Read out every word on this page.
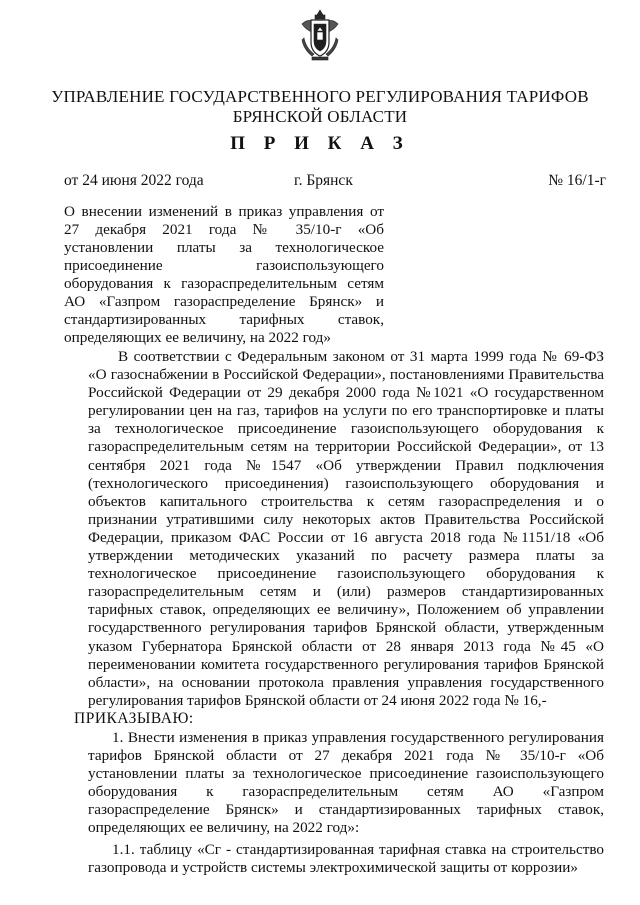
УПРАВЛЕНИЕ ГОСУДАРСТВЕННОГО РЕГУЛИРОВАНИЯ ТАРИФОВ
БРЯНСКОЙ ОБЛАСТИ
П Р И К А З
от 24 июня 2022 года	г. Брянск	№ 16/1-г

О внесении изменений в приказ управления от 27 декабря 2021 года № 35/10-г «Об установлении платы за технологическое присоединение газоиспользующего оборудования к газораспределительным сетям АО «Газпром газораспределение Брянск» и стандартизированных тарифных ставок, определяющих ее величину, на 2022 год»

В соответствии с Федеральным законом от 31 марта 1999 года № 69-ФЗ «О газоснабжении в Российской Федерации», постановлениями Правительства Российской Федерации от 29 декабря 2000 года №1021 «О государственном регулировании цен на газ, тарифов на услуги по его транспортировке и платы за технологическое присоединение газоиспользующего оборудования к газораспределительным сетям на территории Российской Федерации», от 13 сентября 2021 года №1547 «Об утверждении Правил подключения (технологического присоединения) газоиспользующего оборудования и объектов капитального строительства к сетям газораспределения и о признании утратившими силу некоторых актов Правительства Российской Федерации, приказом ФАС России от 16 августа 2018 года №1151/18 «Об утверждении методических указаний по расчету размера платы за технологическое присоединение газоиспользующего оборудования к газораспределительным сетям и (или) размеров стандартизированных тарифных ставок, определяющих ее величину», Положением об управлении государственного регулирования тарифов Брянской области, утвержденным указом Губернатора Брянской области от 28 января 2013 года №45 «О переименовании комитета государственного регулирования тарифов Брянской области», на основании протокола правления управления государственного регулирования тарифов Брянской области от 24 июня 2022 года № 16,-

ПРИКАЗЫВАЮ:

1. Внести изменения в приказ управления государственного регулирования тарифов Брянской области от 27 декабря 2021 года № 35/10-г «Об установлении платы за технологическое присоединение газоиспользующего оборудования к газораспределительным сетям АО «Газпром газораспределение Брянск» и стандартизированных тарифных ставок, определяющих ее величину, на 2022 год»:

1.1. таблицу «Сг - стандартизированная тарифная ставка на строительство газопровода и устройств системы электрохимической защиты от коррозии»
